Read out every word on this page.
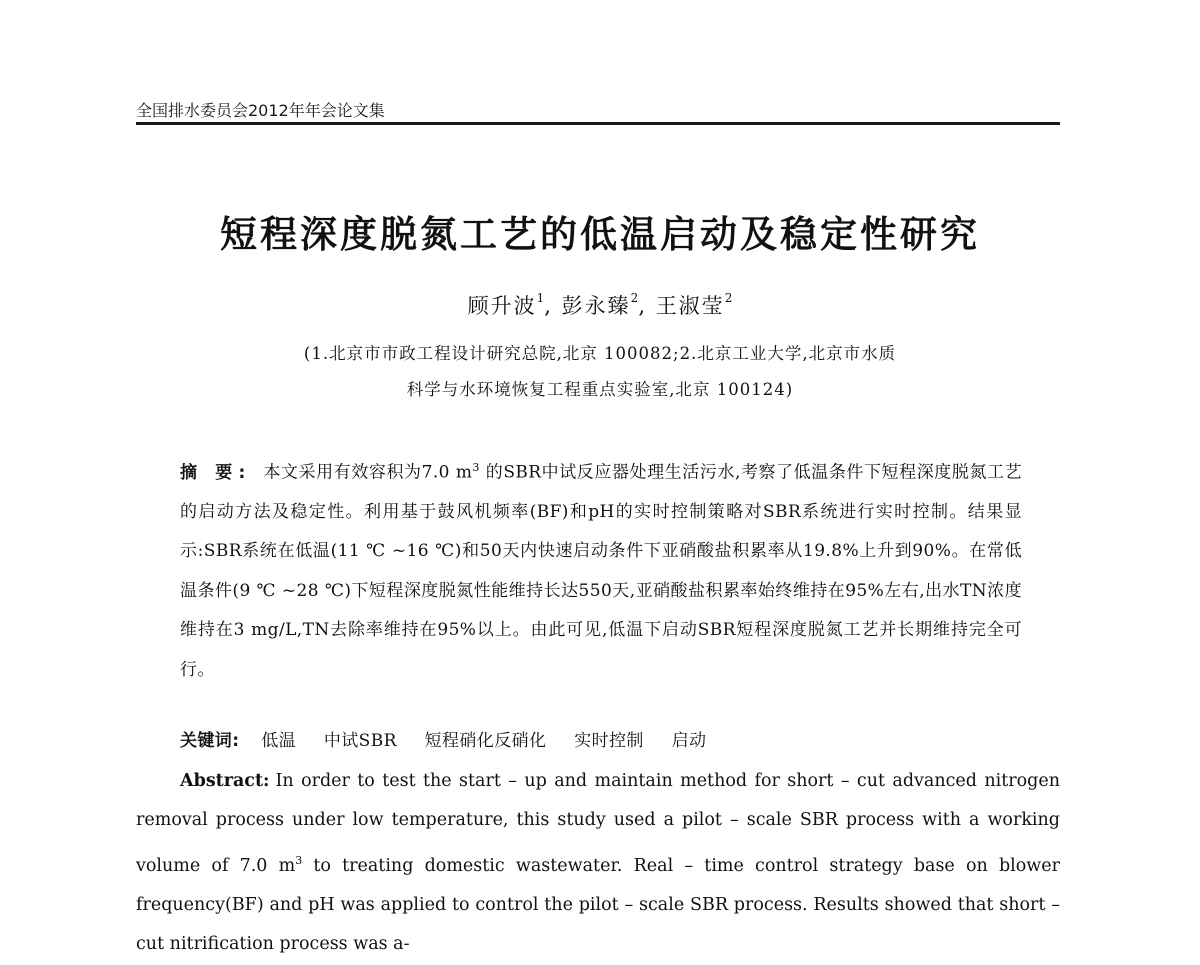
全国排水委员会2012年年会论文集
短程深度脱氮工艺的低温启动及稳定性研究
顾升波$^1$, 彭永臻$^2$, 王淑莹$^2$
(1.北京市市政工程设计研究总院,北京 100082;2.北京工业大学,北京市水质
科学与水环境恢复工程重点实验室,北京 100124)
摘 要: 本文采用有效容积为7.0 $m^3$ 的SBR中试反应器处理生活污水,考察了低温条件下短程深度脱氮工艺的启动方法及稳定性。利用基于鼓风机频率(BF)和pH的实时控制策略对SBR系统进行实时控制。结果显示:SBR系统在低温(11 ℃ ~16 ℃)和50天内快速启动条件下亚硝酸盐积累率从19.8%上升到90%。在常低温条件(9 ℃ ~28 ℃)下短程深度脱氮性能维持长达550天,亚硝酸盐积累率始终维持在95%左右,出水TN浓度维持在3 mg/L,TN去除率维持在95%以上。由此可见,低温下启动SBR短程深度脱氮工艺并长期维持完全可行。
关键词: 低温 中试SBR 短程硝化反硝化 实时控制 启动
Abstract: In order to test the start – up and maintain method for short – cut advanced nitrogen removal process under low temperature, this study used a pilot – scale SBR process with a working volume of 7.0 $m^3$ to treating domestic wastewater. Real – time control strategy base on blower frequency(BF) and pH was applied to control the pilot – scale SBR process. Results showed that short – cut nitrification process was a-
